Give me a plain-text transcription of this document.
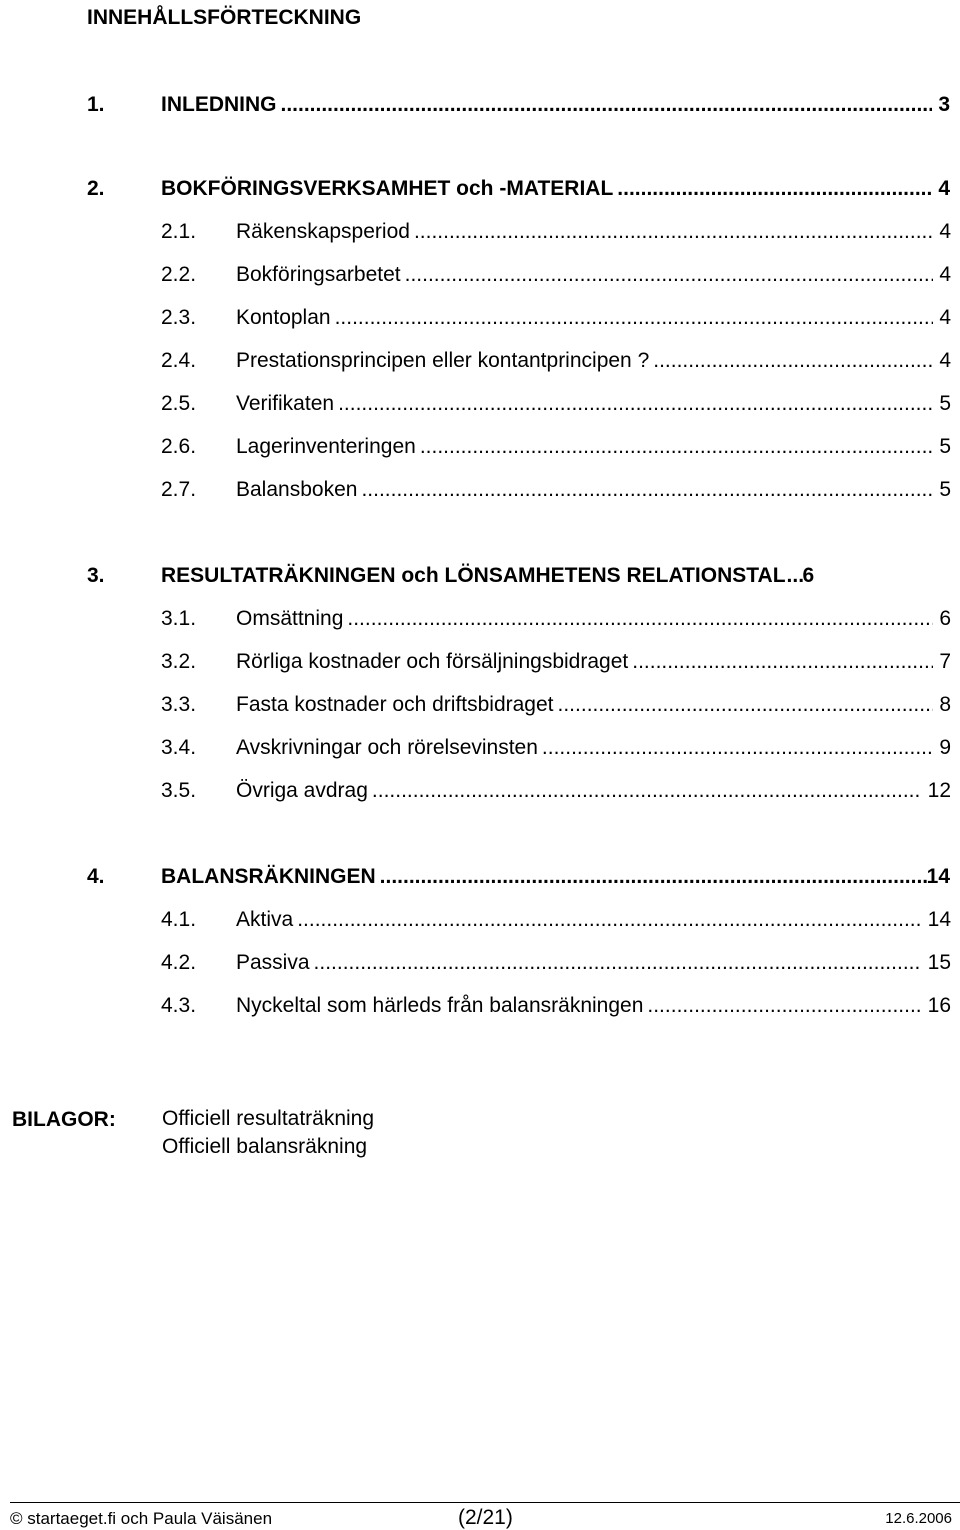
INNEHÅLLSFÖRTECKNING
1.	INLEDNING .....	3
2.	BOKFÖRINGSVERKSAMHET och -MATERIAL .....	4
2.1.	Räkenskapsperiod .....	4
2.2.	Bokföringsarbetet .....	4
2.3.	Kontoplan .....	4
2.4.	Prestationsprincipen eller kontantprincipen ? .....	4
2.5.	Verifikaten .....	5
2.6.	Lagerinventeringen .....	5
2.7.	Balansboken .....	5
3.	RESULTATRÄKNINGEN och LÖNSAMHETENS RELATIONSTAL ..... 6
3.1.	Omsättning .....	6
3.2.	Rörliga kostnader och försäljningsbidraget .....	7
3.3.	Fasta kostnader och driftsbidraget .....	8
3.4.	Avskrivningar och rörelsevinsten .....	9
3.5.	Övriga avdrag .....	12
4.	BALANSRÄKNINGEN .....	14
4.1.	Aktiva .....	14
4.2.	Passiva .....	15
4.3.	Nyckeltal som härleds från balansräkningen .....	16
BILAGOR: Officiell resultaträkning
Officiell balansräkning
© startaeget.fi och Paula Väisänen	(2/21)	12.6.2006
